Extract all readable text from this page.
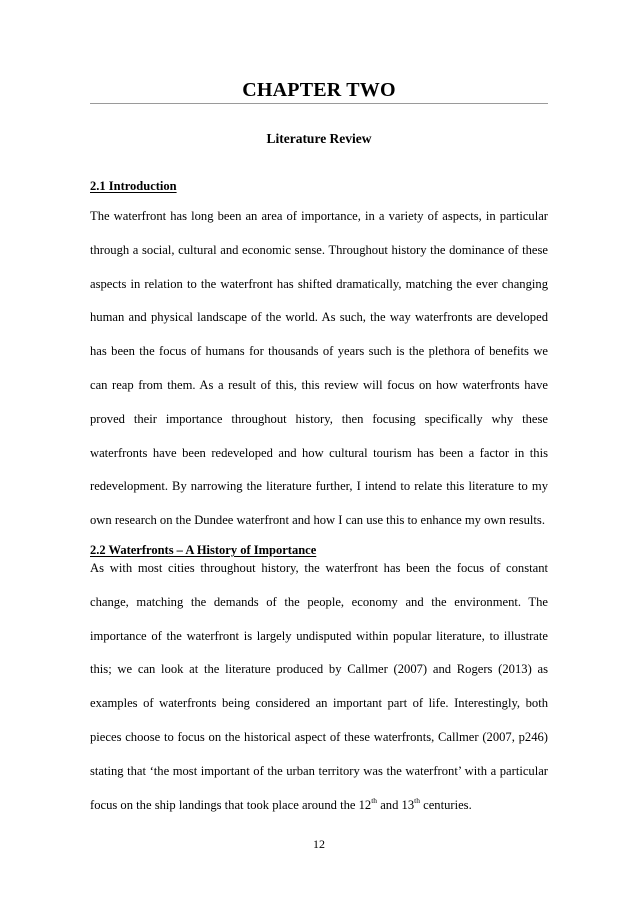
CHAPTER TWO
Literature Review
2.1 Introduction

The waterfront has long been an area of importance, in a variety of aspects, in particular through a social, cultural and economic sense. Throughout history the dominance of these aspects in relation to the waterfront has shifted dramatically, matching the ever changing human and physical landscape of the world. As such, the way waterfronts are developed has been the focus of humans for thousands of years such is the plethora of benefits we can reap from them. As a result of this, this review will focus on how waterfronts have proved their importance throughout history, then focusing specifically why these waterfronts have been redeveloped and how cultural tourism has been a factor in this redevelopment. By narrowing the literature further, I intend to relate this literature to my own research on the Dundee waterfront and how I can use this to enhance my own results.

2.2 Waterfronts – A History of Importance

As with most cities throughout history, the waterfront has been the focus of constant change, matching the demands of the people, economy and the environment. The importance of the waterfront is largely undisputed within popular literature, to illustrate this; we can look at the literature produced by Callmer (2007) and Rogers (2013) as examples of waterfronts being considered an important part of life. Interestingly, both pieces choose to focus on the historical aspect of these waterfronts, Callmer (2007, p246) stating that ‘the most important of the urban territory was the waterfront’ with a particular focus on the ship landings that took place around the 12th and 13th centuries.

12
